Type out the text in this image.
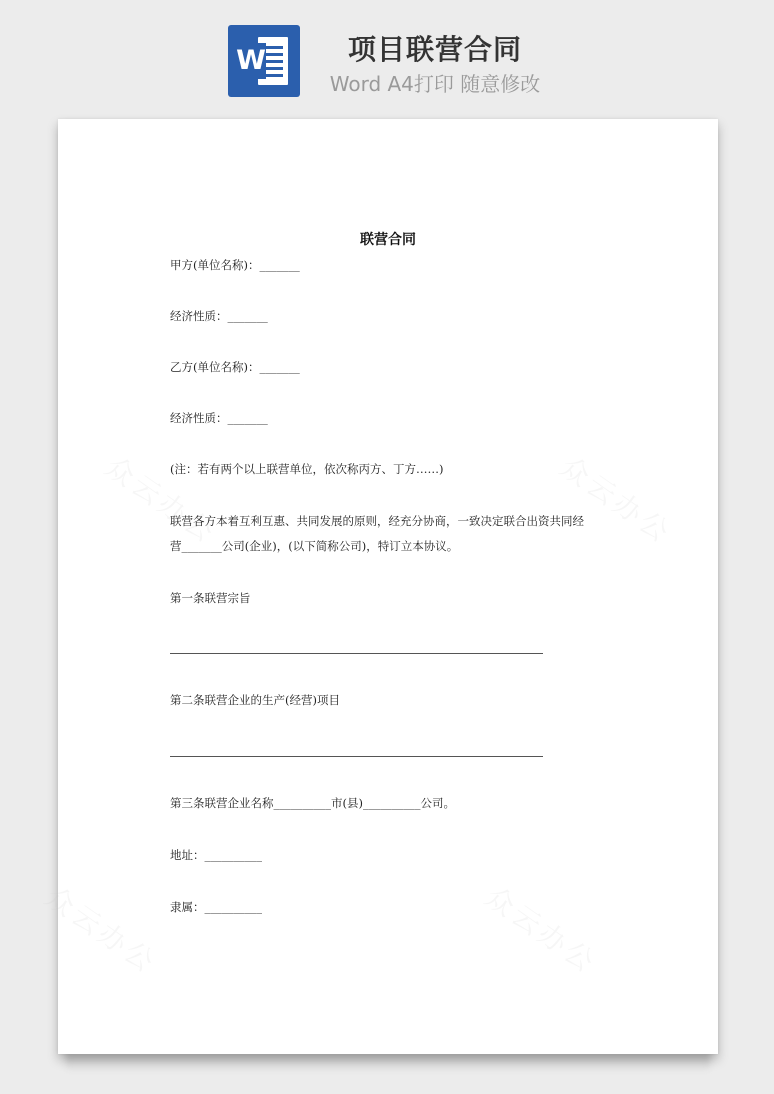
W	项目联营合同
Word A4打印 随意修改
众云办公	众云办公
众云办公	众云办公
联营合同
甲方(单位名称)：_______
经济性质：_______
乙方(单位名称)：_______
经济性质：_______
(注：若有两个以上联营单位，依次称丙方、丁方……)
联营各方本着互利互惠、共同发展的原则，经充分协商，一致决定联合出资共同经
营_______公司(企业)，(以下简称公司)，特订立本协议。
第一条联营宗旨
第二条联营企业的生产(经营)项目
第三条联营企业名称__________市(县)__________公司。
地址：__________
隶属：__________
